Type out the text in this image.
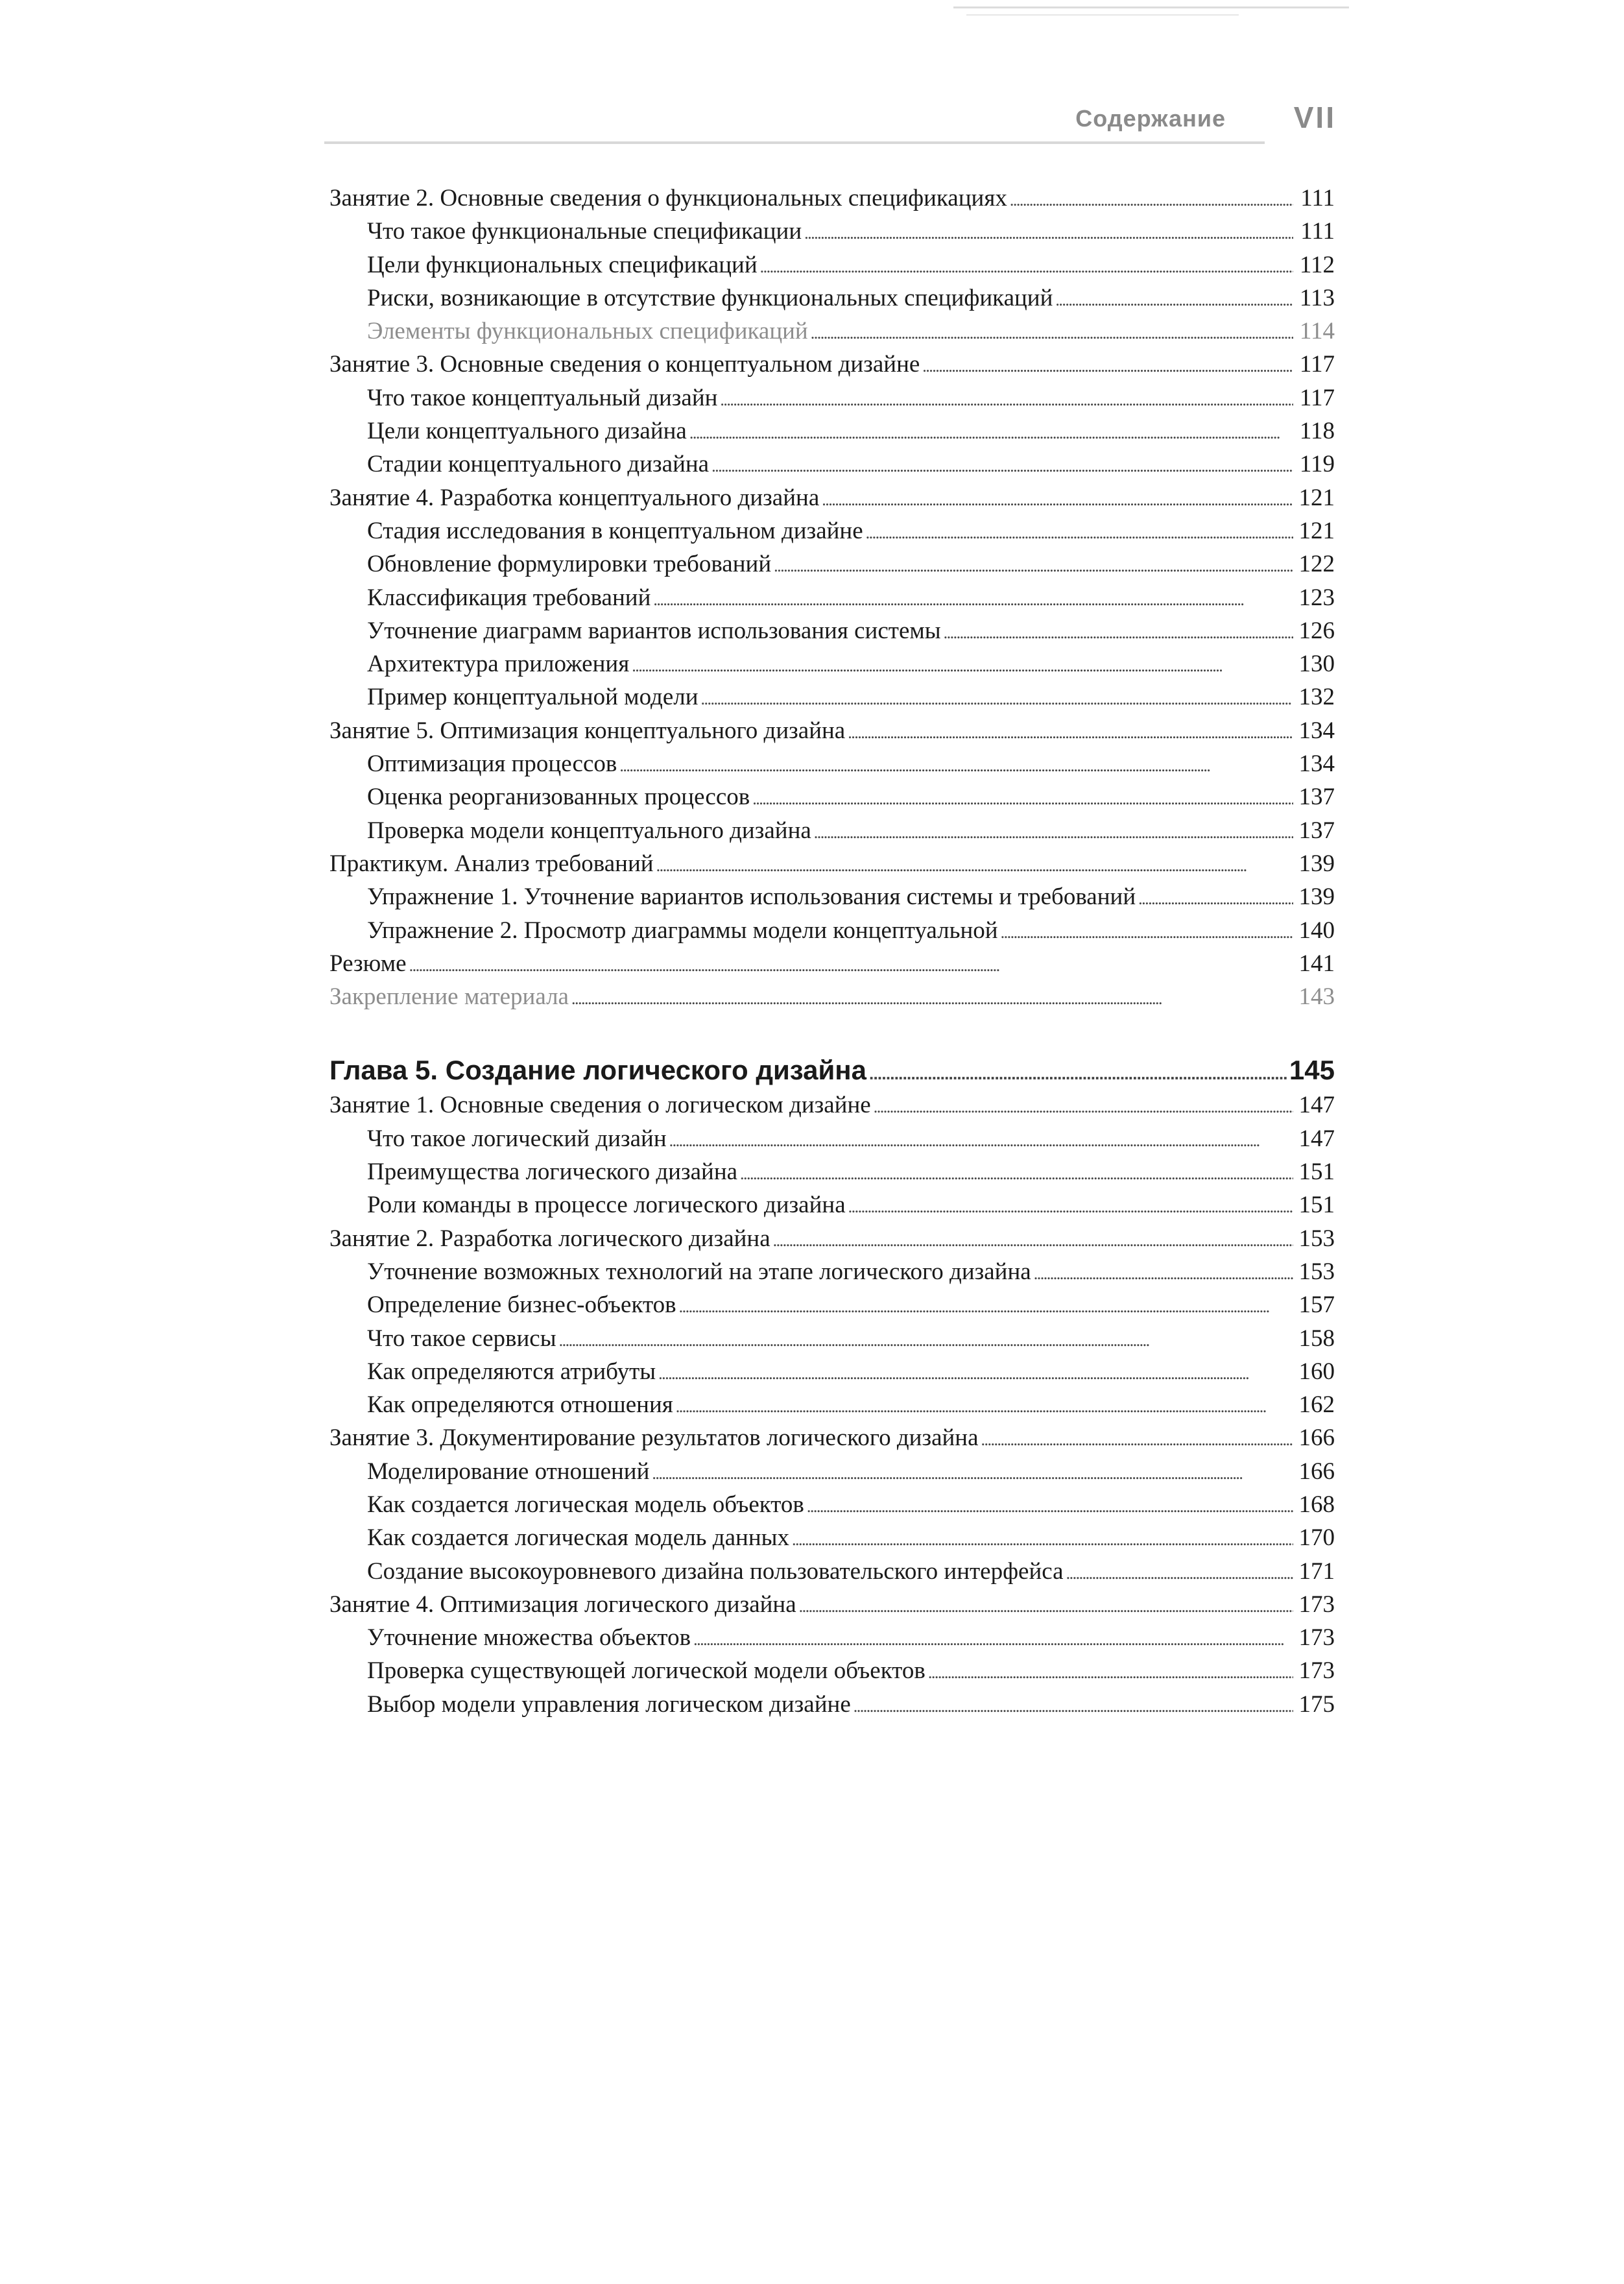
Содержание VII
Занятие 2. Основные сведения о функциональных спецификациях . . .	111
Что такое функциональные спецификации . . .	111
Цели функциональных спецификаций . . .	112
Риски, возникающие в отсутствие функциональных спецификаций . . .	113
Элементы функциональных спецификаций . . .	114
Занятие 3. Основные сведения о концептуальном дизайне . . .	117
Что такое концептуальный дизайн . . .	117
Цели концептуального дизайна . . .	118
Стадии концептуального дизайна . . .	119
Занятие 4. Разработка концептуального дизайна . . .	121
Стадия исследования в концептуальном дизайне . . .	121
Обновление формулировки требований . . .	122
Классификация требований . . .	123
Уточнение диаграмм вариантов использования системы . . .	126
Архитектура приложения . . .	130
Пример концептуальной модели . . .	132
Занятие 5. Оптимизация концептуального дизайна . . .	134
Оптимизация процессов . . .	134
Оценка реорганизованных процессов . . .	137
Проверка модели концептуального дизайна . . .	137
Практикум. Анализ требований . . .	139
Упражнение 1. Уточнение вариантов использования системы и требований . . .	139
Упражнение 2. Просмотр диаграммы модели концептуальной . . .	140
Резюме . . .	141
Закрепление материала . . .	143
Глава 5. Создание логического дизайна . . .	145
Занятие 1. Основные сведения о логическом дизайне . . .	147
Что такое логический дизайн . . .	147
Преимущества логического дизайна . . .	151
Роли команды в процессе логического дизайна . . .	151
Занятие 2. Разработка логического дизайна . . .	153
Уточнение возможных технологий на этапе логического дизайна . . .	153
Определение бизнес-объектов . . .	157
Что такое сервисы . . .	158
Как определяются атрибуты . . .	160
Как определяются отношения . . .	162
Занятие 3. Документирование результатов логического дизайна . . .	166
Моделирование отношений . . .	166
Как создается логическая модель объектов . . .	168
Как создается логическая модель данных . . .	170
Создание высокоуровневого дизайна пользовательского интерфейса . . .	171
Занятие 4. Оптимизация логического дизайна . . .	173
Уточнение множества объектов . . .	173
Проверка существующей логической модели объектов . . .	173
Выбор модели управления логическом дизайне . . .	175
